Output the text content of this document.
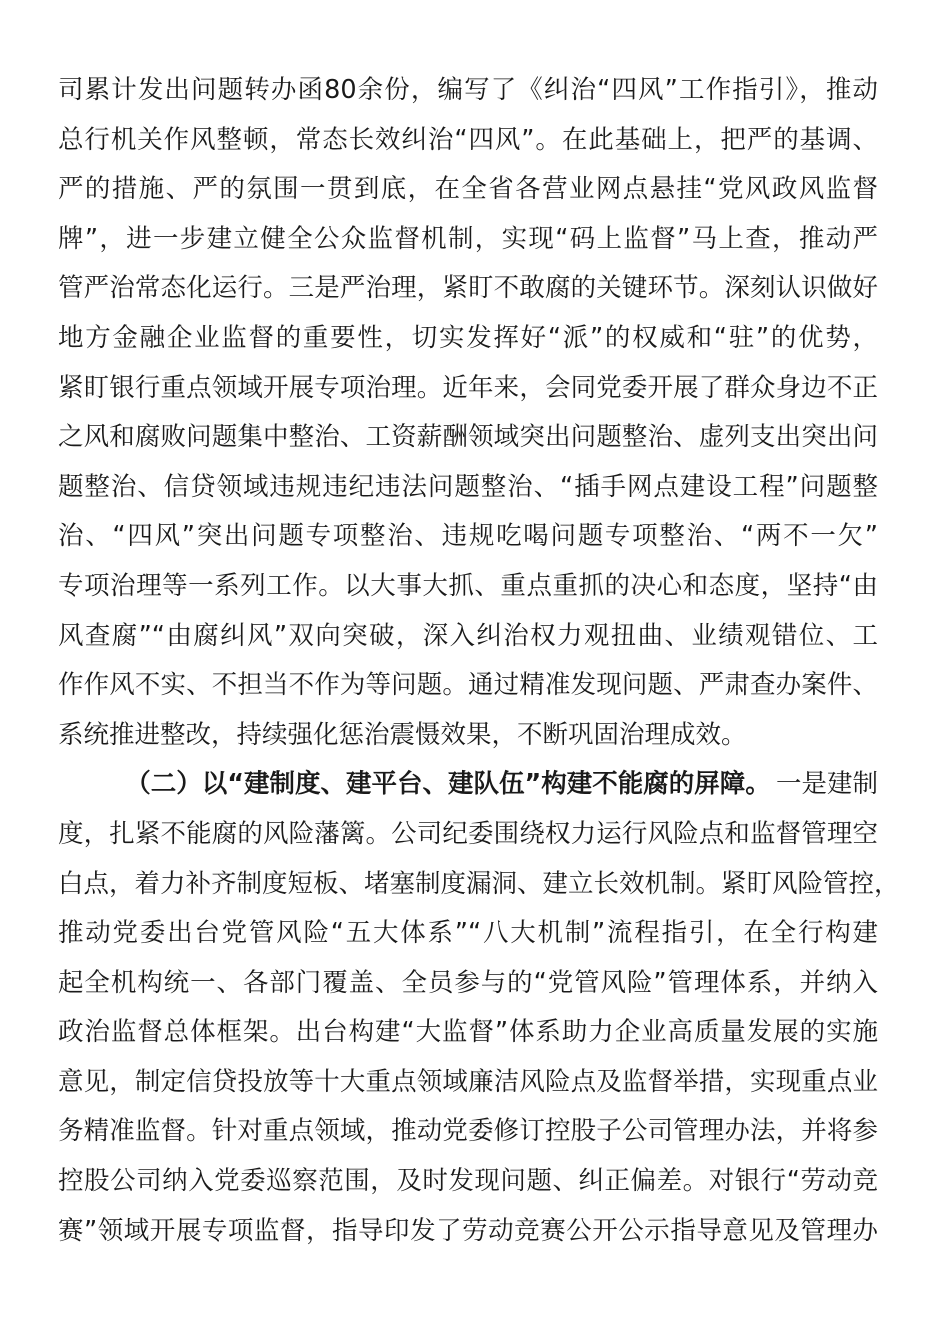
司累计发出问题转办函80余份，编写了《纠治“四风”工作指引》，推动
总行机关作风整顿，常态长效纠治“四风”。在此基础上，把严的基调、
严的措施、严的氛围一贯到底，在全省各营业网点悬挂“党风政风监督
牌”，进一步建立健全公众监督机制，实现“码上监督”马上查，推动严
管严治常态化运行。三是严治理，紧盯不敢腐的关键环节。深刻认识做好
地方金融企业监督的重要性，切实发挥好“派”的权威和“驻”的优势，
紧盯银行重点领域开展专项治理。近年来，会同党委开展了群众身边不正
之风和腐败问题集中整治、工资薪酬领域突出问题整治、虚列支出突出问
题整治、信贷领域违规违纪违法问题整治、“插手网点建设工程”问题整
治、“四风”突出问题专项整治、违规吃喝问题专项整治、“两不一欠”
专项治理等一系列工作。以大事大抓、重点重抓的决心和态度，坚持“由
风查腐”“由腐纠风”双向突破，深入纠治权力观扭曲、业绩观错位、工
作作风不实、不担当不作为等问题。通过精准发现问题、严肃查办案件、
系统推进整改，持续强化惩治震慑效果，不断巩固治理成效。
（二）以“建制度、建平台、建队伍”构建不能腐的屏障。 一是建制
度，扎紧不能腐的风险藩篱。公司纪委围绕权力运行风险点和监督管理空
白点，着力补齐制度短板、堵塞制度漏洞、建立长效机制。紧盯风险管控，
推动党委出台党管风险“五大体系”“八大机制”流程指引，在全行构建
起全机构统一、各部门覆盖、全员参与的“党管风险”管理体系，并纳入
政治监督总体框架。出台构建“大监督”体系助力企业高质量发展的实施
意见，制定信贷投放等十大重点领域廉洁风险点及监督举措，实现重点业
务精准监督。针对重点领域，推动党委修订控股子公司管理办法，并将参
控股公司纳入党委巡察范围，及时发现问题、纠正偏差。对银行“劳动竞
赛”领域开展专项监督，指导印发了劳动竞赛公开公示指导意见及管理办
